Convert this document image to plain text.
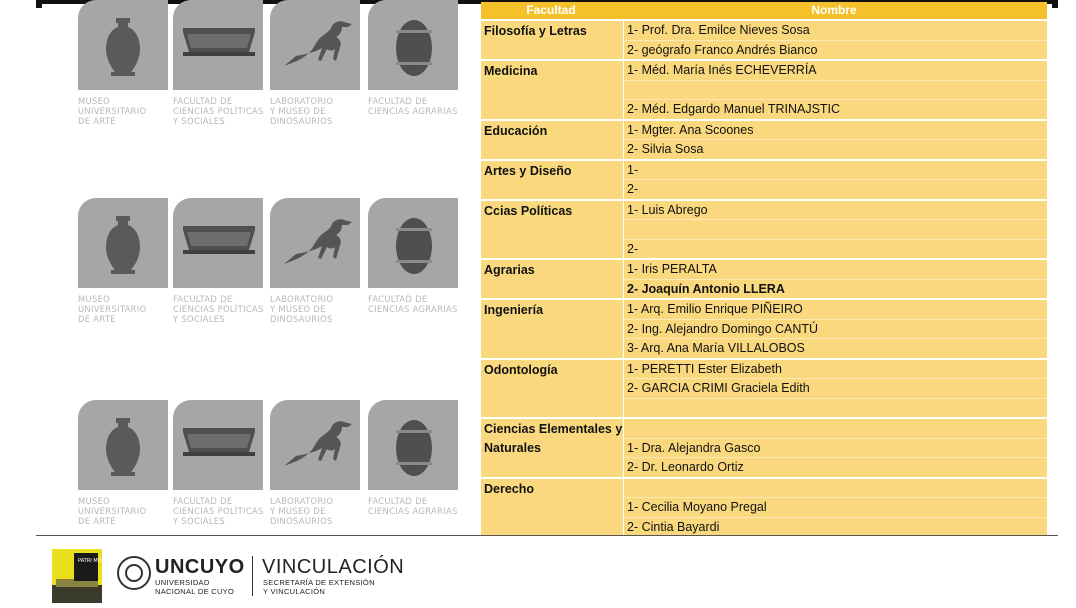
MUSEO
UNIVERSITARIO
DE ARTE
FACULTAD DE
CIENCIAS POLÍTICAS
Y SOCIALES
LABORATORIO
Y MUSEO DE
DINOSAURIOS
FACULTAD DE
CIENCIAS AGRARIAS
MUSEO
UNIVERSITARIO
DE ARTE
FACULTAD DE
CIENCIAS POLÍTICAS
Y SOCIALES
LABORATORIO
Y MUSEO DE
DINOSAURIOS
FACULTAD DE
CIENCIAS AGRARIAS
MUSEO
UNIVERSITARIO
DE ARTE
FACULTAD DE
CIENCIAS POLÍTICAS
Y SOCIALES
LABORATORIO
Y MUSEO DE
DINOSAURIOS
FACULTAD DE
CIENCIAS AGRARIAS
Facultad	Nombre
Filosofía y Letras	1- Prof. Dra. Emilce Nieves Sosa
2- geógrafo Franco Andrés Bianco
Medicina	1- Méd. María Inés ECHEVERRÍA

2- Méd. Edgardo Manuel TRINAJSTIC
Educación	1- Mgter. Ana Scoones
2- Silvia Sosa
Artes y Diseño	1-
2-
Ccias Políticas	1- Luis Abrego

2-
Agrarias	1- Iris PERALTA
2- Joaquín Antonio LLERA
Ingeniería	1- Arq. Emilio Enrique PIÑEIRO
2- Ing. Alejandro Domingo CANTÚ
3- Arq. Ana María VILLALOBOS
Odontología	1- PERETTI Ester Elizabeth
2- GARCIA CRIMI Graciela Edith

Ciencias Elementales y Naturales
	1- Dra. Alejandra Gasco
2- Dr. Leonardo Ortiz
Derecho

1- Cecilia Moyano Pregal
2- Cintia Bayardi
PATRI MONIO UNCUYO
UNIVERSIDAD
NACIONAL DE CUYO
VINCULACIÓN
SECRETARÍA DE EXTENSIÓN
Y VINCULACIÓN
